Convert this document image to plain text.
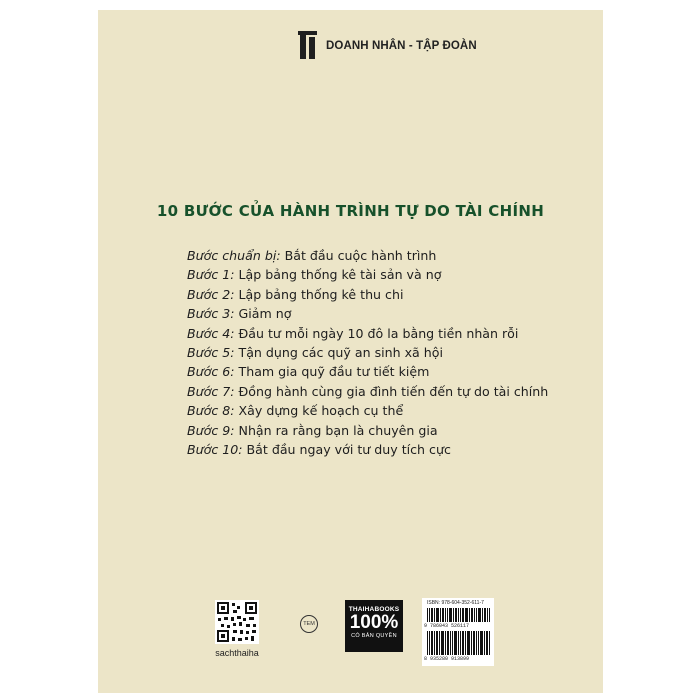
DOANH NHÂN - TẬP ĐOÀN
10 BƯỚC CỦA HÀNH TRÌNH TỰ DO TÀI CHÍNH
Bước chuẩn bị: Bắt đầu cuộc hành trình
Bước 1: Lập bảng thống kê tài sản và nợ
Bước 2: Lập bảng thống kê thu chi
Bước 3: Giảm nợ
Bước 4: Đầu tư mỗi ngày 10 đô la bằng tiền nhàn rỗi
Bước 5: Tận dụng các quỹ an sinh xã hội
Bước 6: Tham gia quỹ đầu tư tiết kiệm
Bước 7: Đồng hành cùng gia đình tiến đến tự do tài chính
Bước 8: Xây dựng kế hoạch cụ thể
Bước 9: Nhận ra rằng bạn là chuyên gia
Bước 10: Bắt đầu ngay với tư duy tích cực
sachthaiha
TEM
THAIHABOOKS
100%
CÓ BẢN QUYỀN
ISBN: 978-604-352-611-7
9 786043 526117
8 935280 913899
